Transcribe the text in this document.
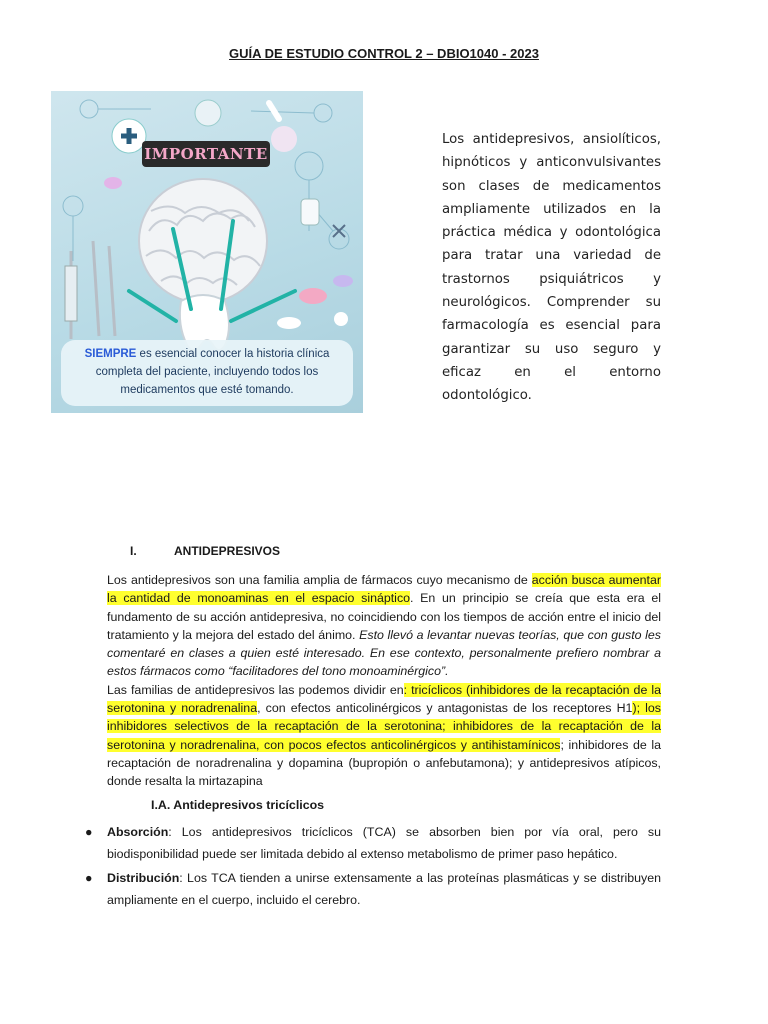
GUÍA DE ESTUDIO CONTROL 2 – DBIO1040 - 2023
IMPORTANTE
SIEMPRE es esencial conocer la historia clínica completa del paciente, incluyendo todos los medicamentos que esté tomando.
Los antidepresivos, ansiolíticos, hipnóticos y anticonvulsivantes son clases de medicamentos ampliamente utilizados en la práctica médica y odontológica para tratar una variedad de trastornos psiquiátricos y neurológicos. Comprender su farmacología es esencial para garantizar su uso seguro y eficaz en el entorno odontológico.
I.	ANTIDEPRESIVOS
Los antidepresivos son una familia amplia de fármacos cuyo mecanismo de acción busca aumentar la cantidad de monoaminas en el espacio sináptico. En un principio se creía que esta era el fundamento de su acción antidepresiva, no coincidiendo con los tiempos de acción entre el inicio del tratamiento y la mejora del estado del ánimo. Esto llevó a levantar nuevas teorías, que con gusto les comentaré en clases a quien esté interesado. En ese contexto, personalmente prefiero nombrar a estos fármacos como “facilitadores del tono monoaminérgico”.
Las familias de antidepresivos las podemos dividir en: tricíclicos (inhibidores de la recaptación de la serotonina y noradrenalina, con efectos anticolinérgicos y antagonistas de los receptores H1); los inhibidores selectivos de la recaptación de la serotonina; inhibidores de la recaptación de la serotonina y noradrenalina, con pocos efectos anticolinérgicos y antihistamínicos; inhibidores de la recaptación de noradrenalina y dopamina (bupropión o anfebutamona); y antidepresivos atípicos, donde resalta la mirtazapina
I.A. Antidepresivos tricíclicos
● Absorción: Los antidepresivos tricíclicos (TCA) se absorben bien por vía oral, pero su biodisponibilidad puede ser limitada debido al extenso metabolismo de primer paso hepático.
● Distribución: Los TCA tienden a unirse extensamente a las proteínas plasmáticas y se distribuyen ampliamente en el cuerpo, incluido el cerebro.
